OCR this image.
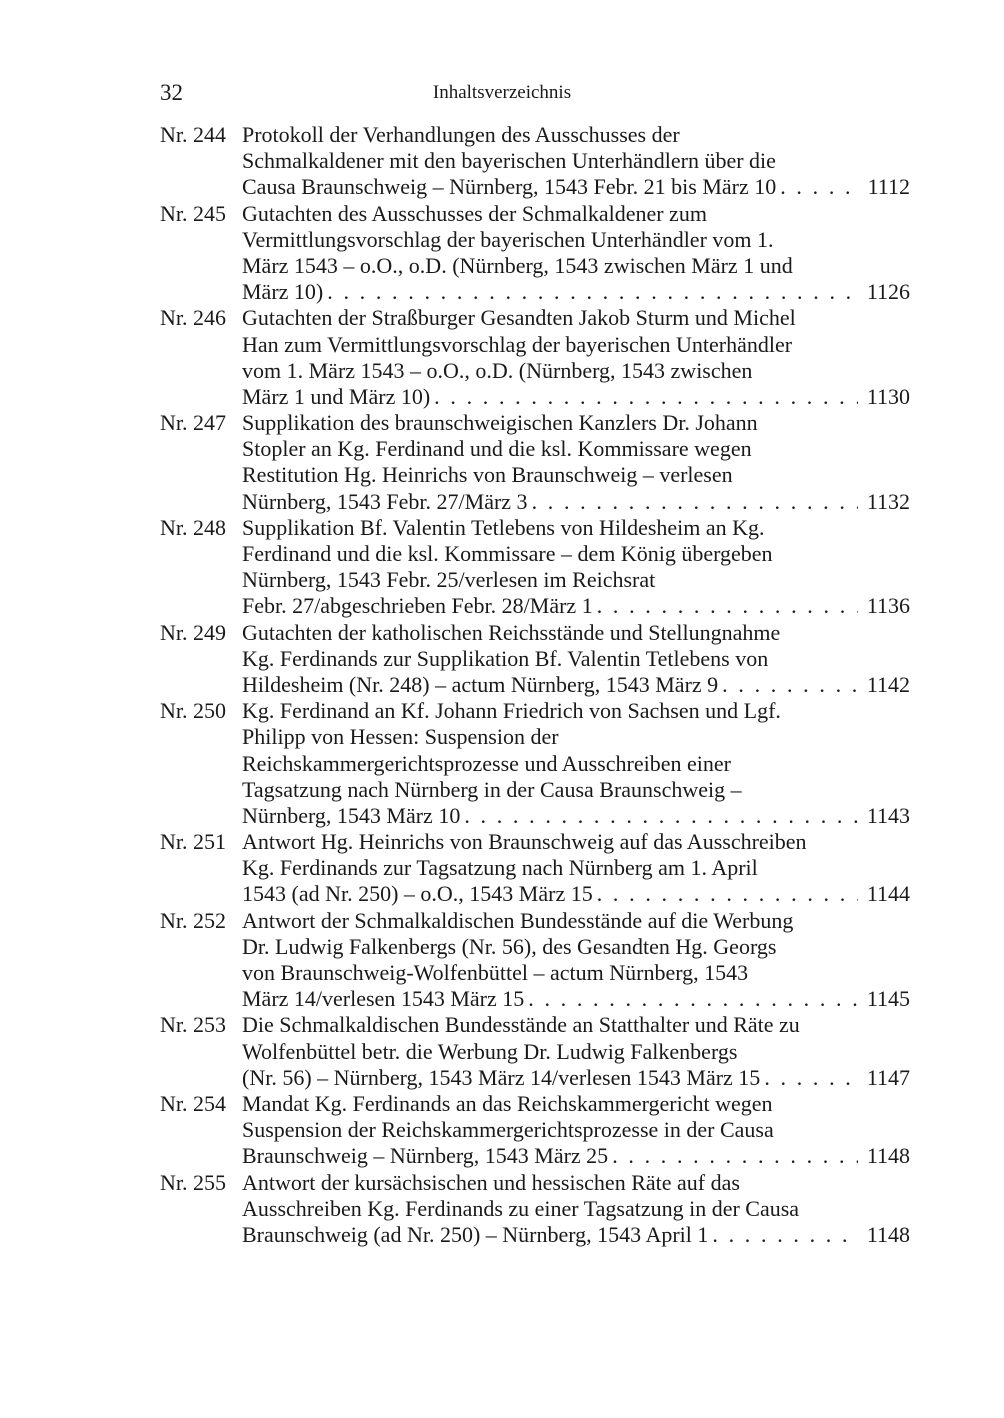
32	Inhaltsverzeichnis
Nr. 244 Protokoll der Verhandlungen des Ausschusses der
Schmalkaldener mit den bayerischen Unterhändlern über die
Causa Braunschweig – Nürnberg, 1543 Febr. 21 bis März 10 . . .	1112
Nr. 245 Gutachten des Ausschusses der Schmalkaldener zum
Vermittlungsvorschlag der bayerischen Unterhändler vom 1.
März 1543 – o.O., o.D. (Nürnberg, 1543 zwischen März 1 und
März 10) . . .	1126
Nr. 246 Gutachten der Straßburger Gesandten Jakob Sturm und Michel
Han zum Vermittlungsvorschlag der bayerischen Unterhändler
vom 1. März 1543 – o.O., o.D. (Nürnberg, 1543 zwischen
März 1 und März 10) . . .	1130
Nr. 247 Supplikation des braunschweigischen Kanzlers Dr. Johann
Stopler an Kg. Ferdinand und die ksl. Kommissare wegen
Restitution Hg. Heinrichs von Braunschweig – verlesen
Nürnberg, 1543 Febr. 27/März 3 . . .	1132
Nr. 248 Supplikation Bf. Valentin Tetlebens von Hildesheim an Kg.
Ferdinand und die ksl. Kommissare – dem König übergeben
Nürnberg, 1543 Febr. 25/verlesen im Reichsrat
Febr. 27/abgeschrieben Febr. 28/März 1 . . .	1136
Nr. 249 Gutachten der katholischen Reichsstände und Stellungnahme
Kg. Ferdinands zur Supplikation Bf. Valentin Tetlebens von
Hildesheim (Nr. 248) – actum Nürnberg, 1543 März 9 . . .	1142
Nr. 250 Kg. Ferdinand an Kf. Johann Friedrich von Sachsen und Lgf.
Philipp von Hessen: Suspension der
Reichskammergerichtsprozesse und Ausschreiben einer
Tagsatzung nach Nürnberg in der Causa Braunschweig –
Nürnberg, 1543 März 10 . . .	1143
Nr. 251 Antwort Hg. Heinrichs von Braunschweig auf das Ausschreiben
Kg. Ferdinands zur Tagsatzung nach Nürnberg am 1. April
1543 (ad Nr. 250) – o.O., 1543 März 15 . . .	1144
Nr. 252 Antwort der Schmalkaldischen Bundesstände auf die Werbung
Dr. Ludwig Falkenbergs (Nr. 56), des Gesandten Hg. Georgs
von Braunschweig-Wolfenbüttel – actum Nürnberg, 1543
März 14/verlesen 1543 März 15 . . .	1145
Nr. 253 Die Schmalkaldischen Bundesstände an Statthalter und Räte zu
Wolfenbüttel betr. die Werbung Dr. Ludwig Falkenbergs
(Nr. 56) – Nürnberg, 1543 März 14/verlesen 1543 März 15 . . .	1147
Nr. 254 Mandat Kg. Ferdinands an das Reichskammergericht wegen
Suspension der Reichskammergerichtsprozesse in der Causa
Braunschweig – Nürnberg, 1543 März 25 . . .	1148
Nr. 255 Antwort der kursächsischen und hessischen Räte auf das
Ausschreiben Kg. Ferdinands zu einer Tagsatzung in der Causa
Braunschweig (ad Nr. 250) – Nürnberg, 1543 April 1 . . .	1148
